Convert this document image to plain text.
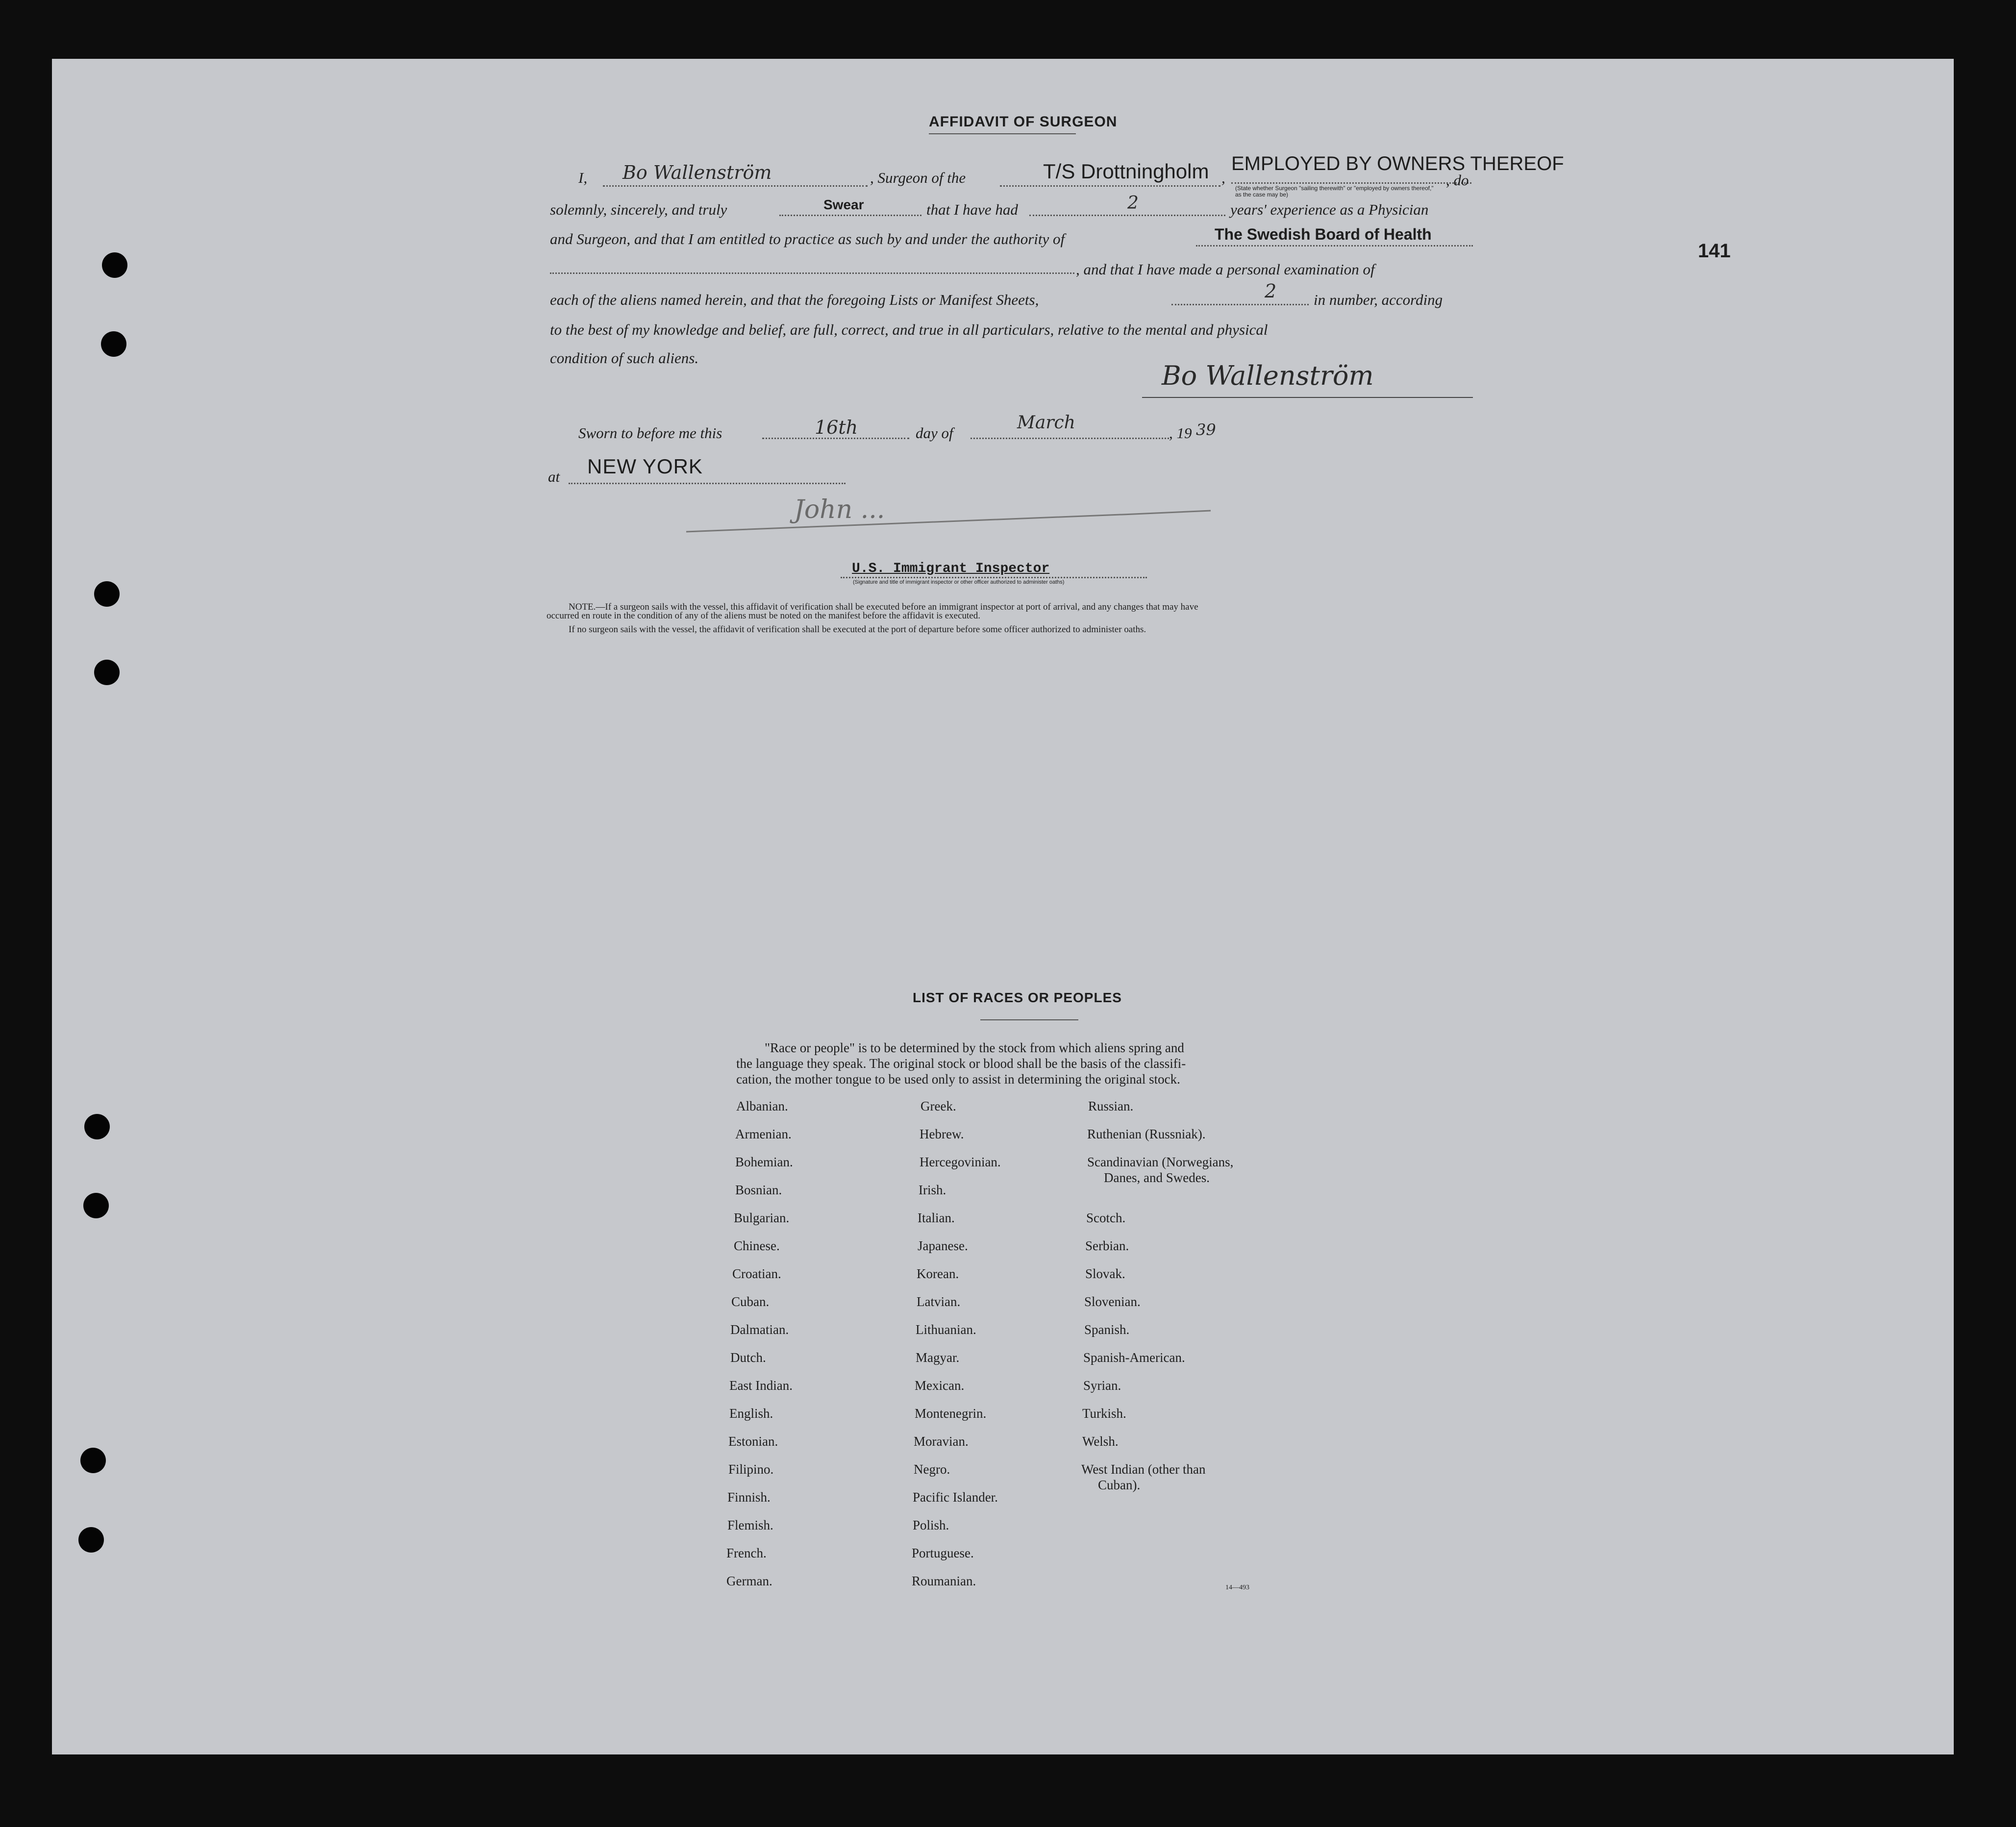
141
AFFIDAVIT OF SURGEON
I, Bo Wallenström	, Surgeon of the	T/S Drottningholm ,
EMPLOYED BY OWNERS THEREOF
, do
(State whether Surgeon "sailing therewith" or "employed by owners thereof," as the case may be)
solemnly, sincerely, and truly	Swear	that I have had	2	years' experience as a Physician
and Surgeon, and that I am entitled to practice as such by and under the authority of	The Swedish Board of Health
, and that I have made a personal examination of
each of the aliens named herein, and that the foregoing Lists or Manifest Sheets,	2 in number, according
to the best of my knowledge and belief, are full, correct, and true in all particulars, relative to the mental and physical
condition of such aliens.
Bo Wallenström
Sworn to before me this	16th	day of
March
, 19 39
at NEW YORK
John ...
U.S. Immigrant Inspector
(Signature and title of immigrant inspector or other officer authorized to administer oaths)
NOTE.—If a surgeon sails with the vessel, this affidavit of verification shall be executed before an immigrant inspector at port of arrival, and any changes that may have
occurred en route in the condition of any of the aliens must be noted on the manifest before the affidavit is executed.
If no surgeon sails with the vessel, the affidavit of verification shall be executed at the port of departure before some officer authorized to administer oaths.
LIST OF RACES OR PEOPLES
"Race or people" is to be determined by the stock from which aliens spring and
the language they speak. The original stock or blood shall be the basis of the classifi-
cation, the mother tongue to be used only to assist in determining the original stock.
Albanian.
Armenian.
Bohemian.
Bosnian.
Bulgarian.
Chinese.
Croatian.
Cuban.
Dalmatian.
Dutch.
East Indian.
English.
Estonian.
Filipino.
Finnish.
Flemish.
French.
German.
Greek.
Hebrew.
Hercegovinian.
Irish.
Italian.
Japanese.
Korean.
Latvian.
Lithuanian.
Magyar.
Mexican.
Montenegrin.
Moravian.
Negro.
Pacific Islander.
Polish.
Portuguese.
Roumanian.
Russian.
Ruthenian (Russniak).
Scandinavian (Norwegians,
Danes, and Swedes.
Scotch.
Serbian.
Slovak.
Slovenian.
Spanish.
Spanish-American.
Syrian.
Turkish.
Welsh.
West Indian (other than
Cuban).
14—493
